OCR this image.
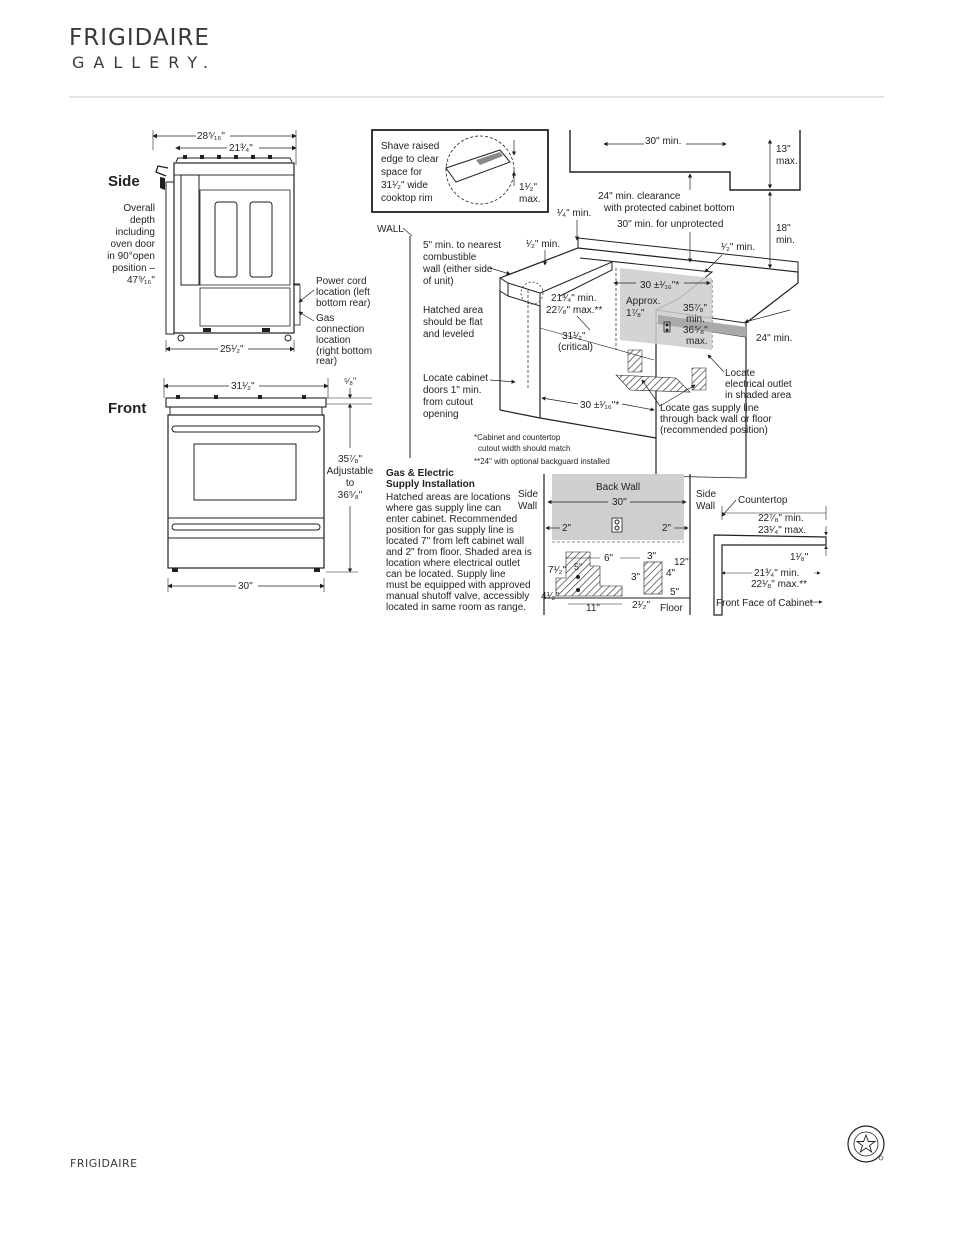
FRIGIDAIRE
GALLERY.
Side
28⁵⁄₁₆"
21³⁄₄"
25¹⁄₂"
Overall
depth
including
oven door
in 90°open
position –
47⁹⁄₁₆"	Power cord
location (left
bottom rear)
Gas
connection
location
(right bottom
rear)
Front
31¹⁄₂"	⁵⁄₈"
35⁷⁄₈"
Adjustable
to
36⁵⁄₈"
30"
Shave raised
edge to clear
space for
31¹⁄₂" wide
cooktop rim
1¹⁄₂"
max.
30" min.
13"
max.
24" min. clearance
with protected cabinet bottom
30" min. for unprotected
¹⁄₄" min.
18"
min.
WALL
¹⁄₂" min.	¹⁄₂" min.
5" min. to nearest
combustible
wall (either side
of unit)	30 ±¹⁄₁₆"*
Hatched area
should be flat
and leveled
21³⁄₄" min.
22⁷⁄₈" max.**
Approx.
1⁷⁄₈"	35⁷⁄₈"
min.
36⁵⁄₈"
max.	24" min.
31¹⁄₂"
(critical)
Locate
electrical outlet
in shaded area
Locate cabinet
doors 1" min.
from cutout
opening
30 ±¹⁄₁₆"*	Locate gas supply line
through back wall or floor
(recommended position)
*Cabinet and countertop
cutout width should match
**24" with optional backguard installed
Gas & Electric
Supply Installation
Hatched areas are locations
where gas supply line can
enter cabinet. Recommended
position for gas supply line is
located 7" from left cabinet wall
and 2" from floor. Shaded area is
location where electrical outlet
can be located. Supply line
must be equipped with approved
manual shutoff valve, accessibly
located in same room as range.
Back Wall
30"
Side
Wall
Side
Wall
2"	2"
6"	3"
5"	12"
7¹⁄₂"
3"	4"
4¹⁄₂"
11"	2¹⁄₂"
5"
Floor
Countertop
22⁷⁄₈" min.
23¹⁄₄" max.
1¹⁄₈"
21³⁄₄" min.
22¹⁄₈" max.**
Front Face of Cabinet
FRIGIDAIRE
